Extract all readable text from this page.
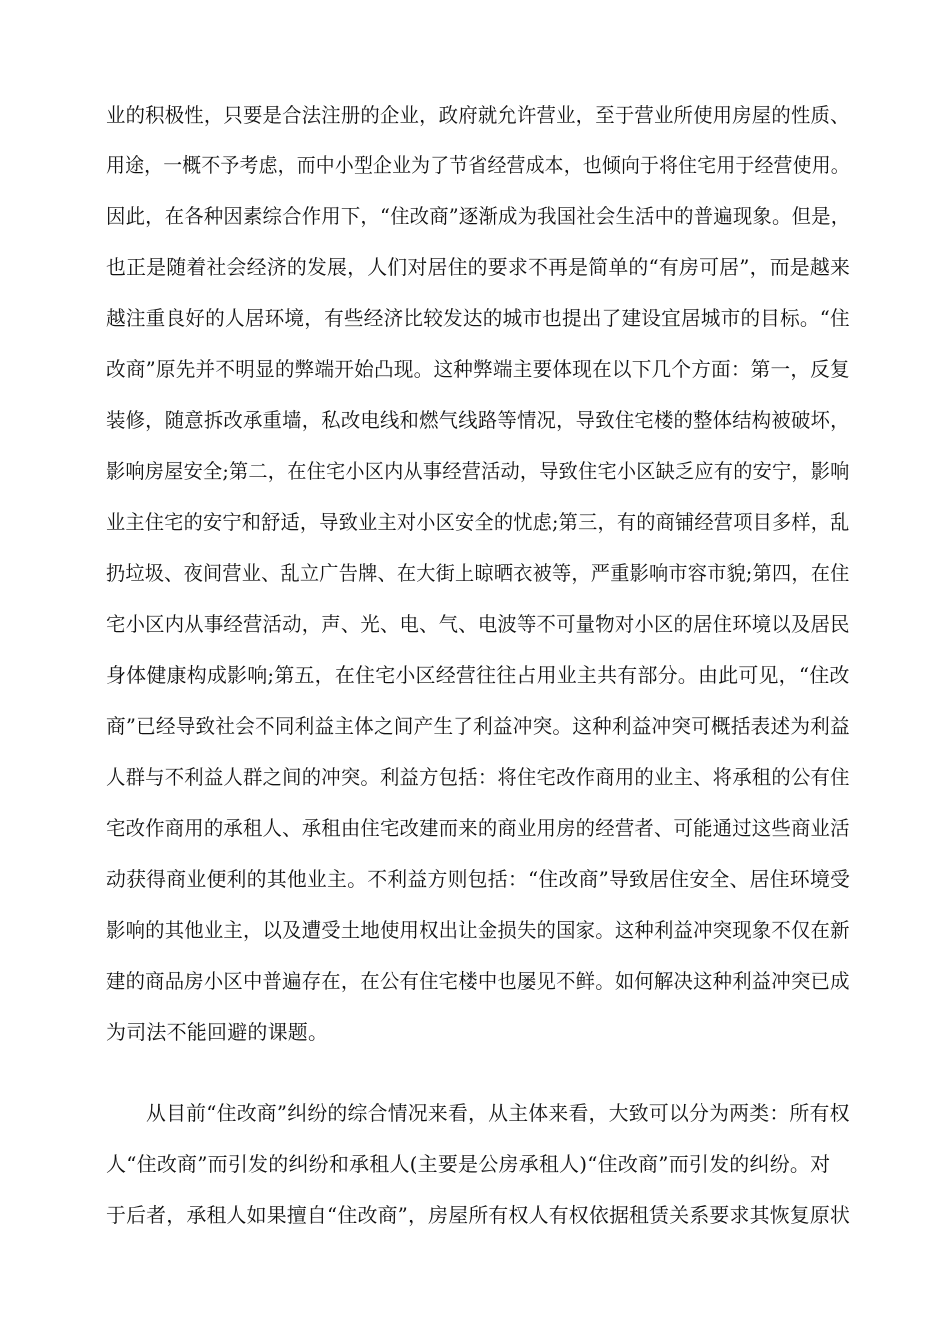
业的积极性，只要是合法注册的企业，政府就允许营业，至于营业所使用房屋的性质、
用途，一概不予考虑，而中小型企业为了节省经营成本，也倾向于将住宅用于经营使用。
因此，在各种因素综合作用下，“住改商”逐渐成为我国社会生活中的普遍现象。但是，
也正是随着社会经济的发展，人们对居住的要求不再是简单的“有房可居”，而是越来
越注重良好的人居环境，有些经济比较发达的城市也提出了建设宜居城市的目标。“住
改商”原先并不明显的弊端开始凸现。这种弊端主要体现在以下几个方面：第一，反复
装修，随意拆改承重墙，私改电线和燃气线路等情况，导致住宅楼的整体结构被破坏，
影响房屋安全;第二，在住宅小区内从事经营活动，导致住宅小区缺乏应有的安宁，影响
业主住宅的安宁和舒适，导致业主对小区安全的忧虑;第三，有的商铺经营项目多样，乱
扔垃圾、夜间营业、乱立广告牌、在大街上晾晒衣被等，严重影响市容市貌;第四，在住
宅小区内从事经营活动，声、光、电、气、电波等不可量物对小区的居住环境以及居民
身体健康构成影响;第五，在住宅小区经营往往占用业主共有部分。由此可见，“住改
商”已经导致社会不同利益主体之间产生了利益冲突。这种利益冲突可概括表述为利益
人群与不利益人群之间的冲突。利益方包括：将住宅改作商用的业主、将承租的公有住
宅改作商用的承租人、承租由住宅改建而来的商业用房的经营者、可能通过这些商业活
动获得商业便利的其他业主。不利益方则包括：“住改商”导致居住安全、居住环境受
影响的其他业主，以及遭受土地使用权出让金损失的国家。这种利益冲突现象不仅在新
建的商品房小区中普遍存在，在公有住宅楼中也屡见不鲜。如何解决这种利益冲突已成
为司法不能回避的课题。
从目前“住改商”纠纷的综合情况来看，从主体来看，大致可以分为两类：所有权
人“住改商”而引发的纠纷和承租人(主要是公房承租人)“住改商”而引发的纠纷。对
于后者，承租人如果擅自“住改商”，房屋所有权人有权依据租赁关系要求其恢复原状
